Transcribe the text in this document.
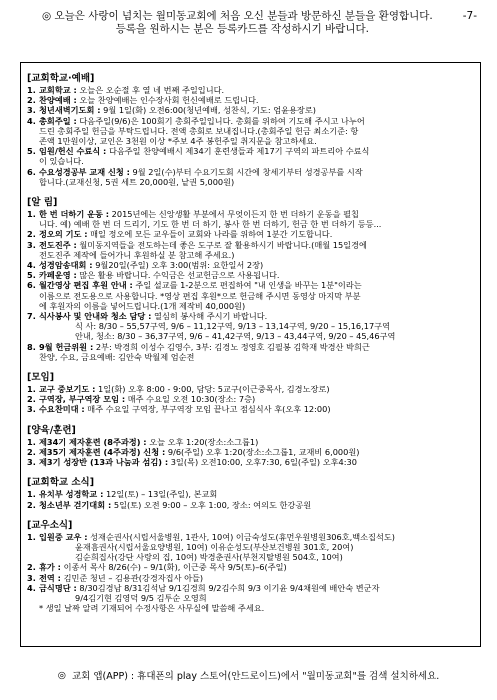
◎ 오늘은 사랑이 넘치는 월미동교회에 처음 오신 분들과 방문하신 분들을 환영합니다.
등록을 원하시는 분은 등록카드를 작성하시기 바랍니다.
-7-
[교회학교·예배]
1. 교회학교 : 오늘은 오순절 후 열 네 번째 주일입니다.
2. 찬양예배 : 오늘 찬양예배는 인수장사회 헌신예배로 드립니다.
3. 청년새벽기도회 : 9월 1일(화) 오전6:00(청년예배, 성찬식, 기도: 엄윤용장로)
4. 총회주일 : 다음주일(9/6)은 100회기 총회주일입니다. 총회를 위하여 기도해 주시고 나누어
드린 총회주일 헌금을 부탁드립니다. 전액 총회로 보내집니다.(총회주일 헌금 최소기준: 항
존액 1만원이상, 교인은 3천원 이상 *주보 4주 봉헌주일 취지문을 참고하세요.
5. 임원/헌신 수료식 : 다음주일 찬양예배시 제34기 훈련생들과 제17기 구역의 파트리아 수료식
이 있습니다.
6. 수요성경공부 교재 신청 : 9월 2일(수)부터 수요기도회 시간에 창세기부터 성경공부를 시작
합니다.(교재신청, 5권 세트 20,000원, 낱권 5,000원)
[알 림]
1. 한 번 더하기 운동 : 2015년에는 신앙생활 부분에서 무엇이든지 한 번 더하기 운동을 펼칩
니다. 예) 예배 한 번 더 드리기, 기도 한 번 더 하기, 봉사 한 번 더하기, 헌금 한 번 더하기 등등...
2. 정오의 기도 : 매일 정오에 모든 교우들이 교회와 나라를 위하여 1분간 기도합니다.
3. 전도진주 : 월미동지역들을 전도하는데 좋은 도구로 잘 활용하시기 바랍니다.(매월 15일경에
전도진주 제작에 들어가니 후원하실 분 참고해 주세요.)
4. 성경암송대회 : 9월20일(주일) 오후 3:00(범위: 요한일서 2장)
5. 카페운영 : 많은 활용 바랍니다. 수익금은 선교헌금으로 사용됩니다.
6. 월간영상 편집 후원 안내 : 주일 설교를 1-2분으로 편집하여 "내 인생을 바꾸는 1분"이라는
이름으로 전도용으로 사용합니다. *영상 편집 후원*으로 헌금해 주시면 동영상 마지막 부분
에 후원자의 이름을 넣어드립니다.(1개 제작비 40,000원)
7. 식사봉사 및 안내와 청소 담당 : 열심히 봉사해 주시기 바랍니다.
식 사: 8/30 – 55,57구역, 9/6 – 11,12구역, 9/13 – 13,14구역, 9/20 – 15,16,17구역
안내, 청소: 8/30 – 36,37구역, 9/6 – 41,42구역, 9/13 – 43,44구역, 9/20 – 45,46구역
8. 9월 헌금위원 : 2부: 박경희 이성수 김영수, 3부: 김경노 정영호 김필봉 김학재 박경산 박희근
찬양, 수요, 금요예배: 김안숙 박월제 엄순전
[모임]
1. 교구 중보기도 : 1일(화) 오후 8:00 - 9:00, 담당: 5교구(이근중목사, 김경노장로)
2. 구역장, 부구역장 모임 : 매주 수요일 오전 10:30(장소: 7층)
3. 수요찬미대 : 매주 수요일 구역장, 부구역장 모임 끝나고 점심식사 후(오후 12:00)
[양육/훈련]
1. 제34기 제자훈련 (8주과정) : 오늘 오후 1:20(장소:소그룹1)
2. 제35기 제자훈련 (4주과정) 신청 : 9/6(주일) 오후 1:20(장소:소그룹1, 교재비 6,000원)
3. 제3기 성장반 (13과 나눔과 섬김) : 3일(목) 오전10:00, 오후7:30, 6일(주일) 오후4:30
[교회학교 소식]
1. 유치부 성경학교 : 12일(토) – 13일(주일), 본교회
2. 청소년부 걷기대회 : 5일(토) 오전 9:00 – 오후 1:00, 장소: 여의도 한강공원
[교우소식]
1. 입원중 교우 : 성재순권사(시립서울병원, 1관사, 10여) 이금숙성도(휴먼우원병원306호,백소집석도)
윤재흠권사(시립서울요양병원, 10여) 이유순성도(부산보건병원 301호, 20여)
김순희집사(강단 사랑의 집, 10여) 박경춘권사(부천지탈병원 504호, 10여)
2. 휴가 : 이종서 목사 8/26(수) – 9/1(화), 이근중 목사 9/5(토)–6(주일)
3. 전역 : 김민준 청년 – 김용관(강경자집사 아들)
4. 금식명단 : 8/30김경남 8/31김석남 9/1김경희 9/2김수희 9/3 이기윤 9/4채원예 배안숙 변군자
9/4김기현 김영덕 9/5 김투순 오영희
* 생일 날짜 알려 기재되어 수정사항은 사무실에 말씀해 주세요.
◎ 교회 앱(APP) : 휴대폰의 play 스토어(안드로이드)에서 "월미동교회"를 검색 설치하세요.
